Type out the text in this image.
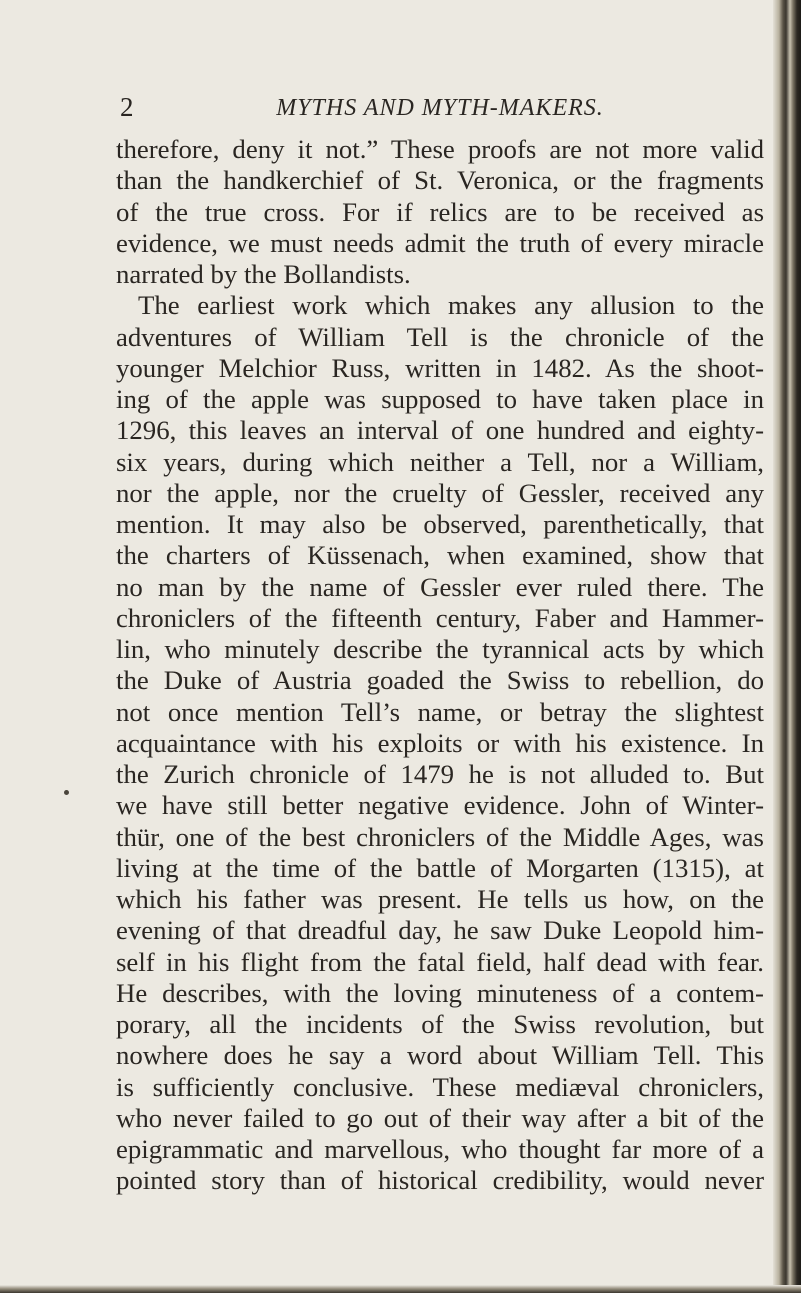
2	MYTHS AND MYTH-MAKERS.
therefore, deny it not.” These proofs are not more valid
than the handkerchief of St. Veronica, or the fragments
of the true cross. For if relics are to be received as
evidence, we must needs admit the truth of every miracle
narrated by the Bollandists.
The earliest work which makes any allusion to the
adventures of William Tell is the chronicle of the
younger Melchior Russ, written in 1482. As the shoot-
ing of the apple was supposed to have taken place in
1296, this leaves an interval of one hundred and eighty-
six years, during which neither a Tell, nor a William,
nor the apple, nor the cruelty of Gessler, received any
mention. It may also be observed, parenthetically, that
the charters of Küssenach, when examined, show that
no man by the name of Gessler ever ruled there. The
chroniclers of the fifteenth century, Faber and Hammer-
lin, who minutely describe the tyrannical acts by which
the Duke of Austria goaded the Swiss to rebellion, do
not once mention Tell’s name, or betray the slightest
acquaintance with his exploits or with his existence. In
the Zurich chronicle of 1479 he is not alluded to. But
we have still better negative evidence. John of Winter-
thür, one of the best chroniclers of the Middle Ages, was
living at the time of the battle of Morgarten (1315), at
which his father was present. He tells us how, on the
evening of that dreadful day, he saw Duke Leopold him-
self in his flight from the fatal field, half dead with fear.
He describes, with the loving minuteness of a contem-
porary, all the incidents of the Swiss revolution, but
nowhere does he say a word about William Tell. This
is sufficiently conclusive. These mediæval chroniclers,
who never failed to go out of their way after a bit of the
epigrammatic and marvellous, who thought far more of a
pointed story than of historical credibility, would never
